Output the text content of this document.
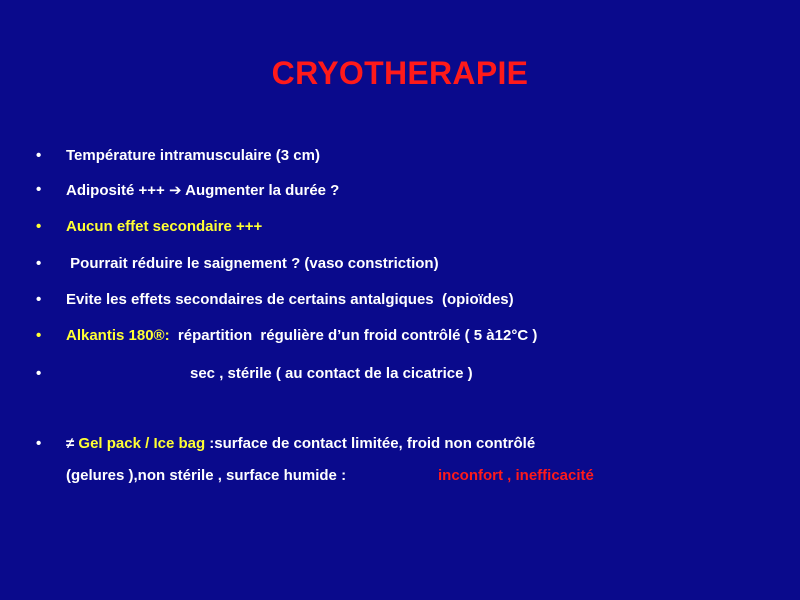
CRYOTHERAPIE
• Température intramusculaire (3 cm)
• Adiposité +++ ➔ Augmenter la durée ?
• Aucun effet secondaire +++
• Pourrait réduire le saignement ? (vaso constriction)
• Evite les effets secondaires de certains antalgiques  (opioïdes)
• Alkantis 180®:  répartition  régulière d’un froid contrôlé ( 5 à12°C )
•	sec , stérile ( au contact de la cicatrice )
• ≠ Gel pack / Ice bag :surface de contact limitée, froid non contrôlé
(gelures ),non stérile , surface humide :	inconfort , inefficacité
